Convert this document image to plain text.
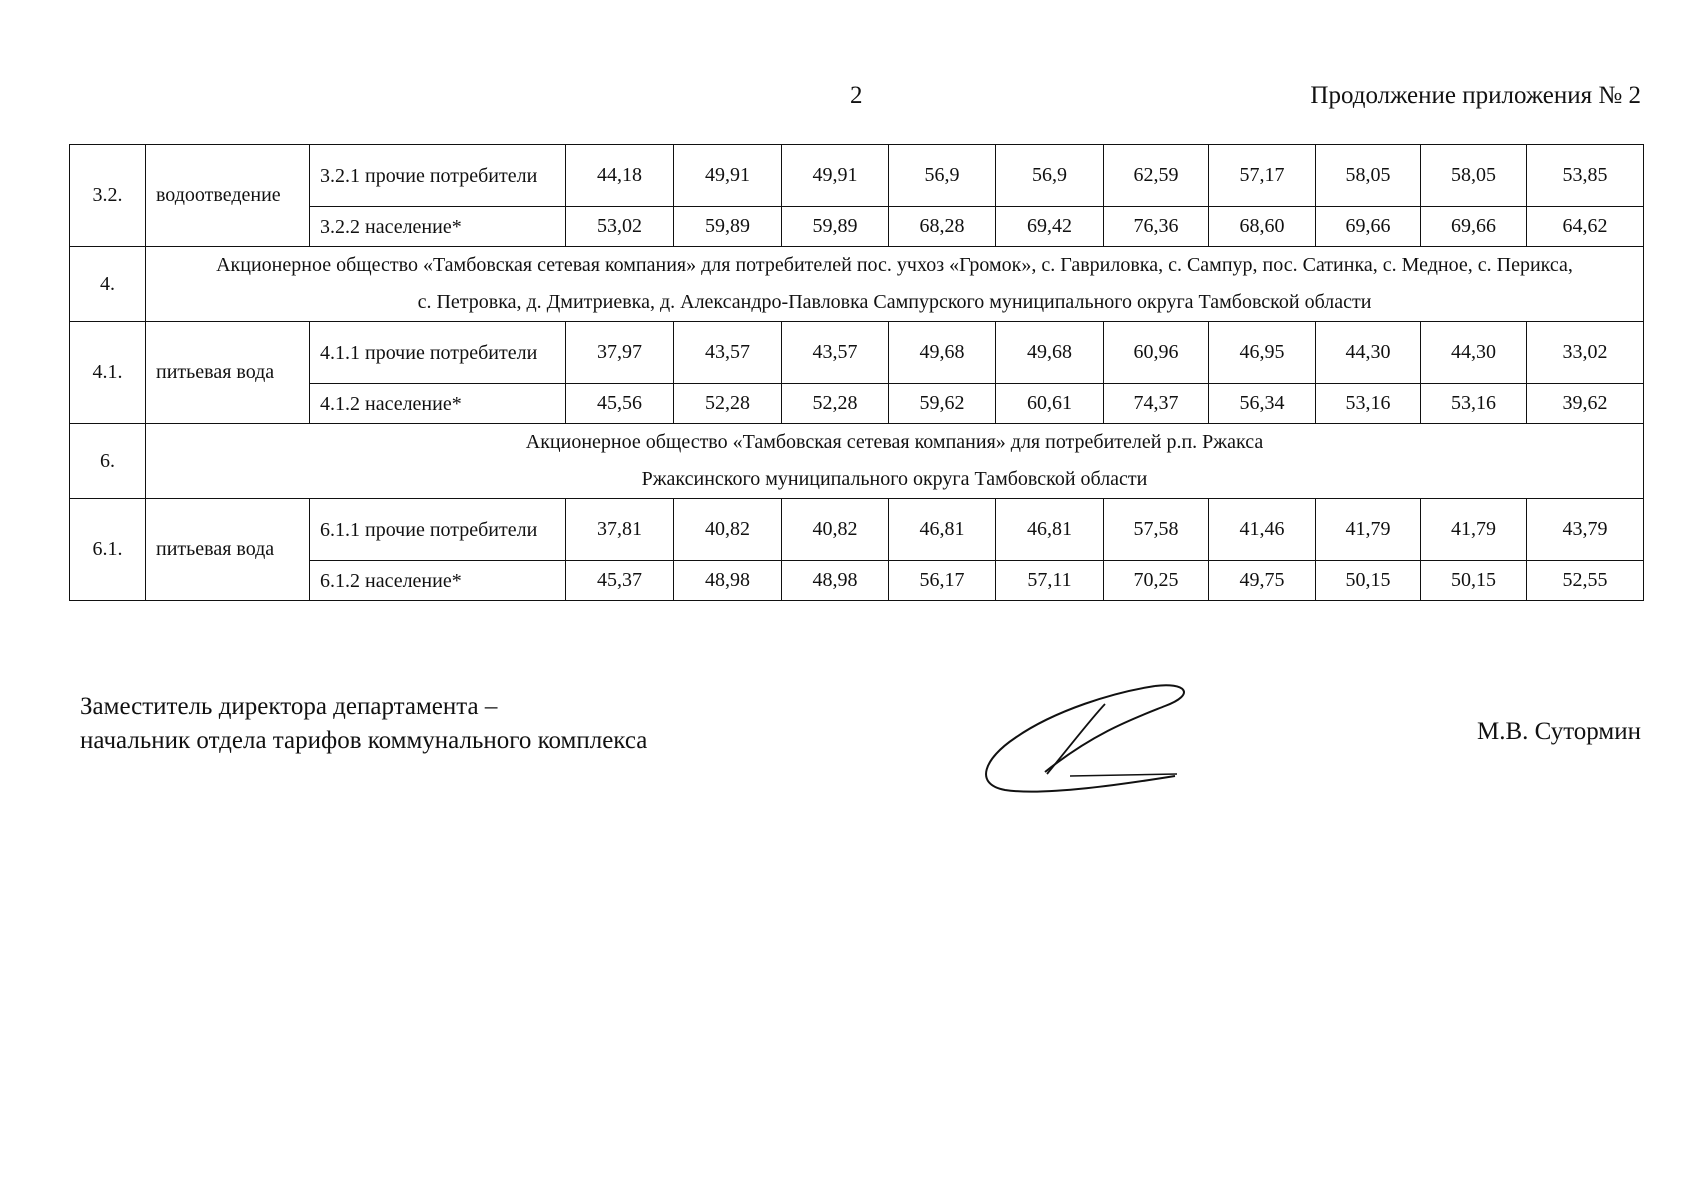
2	Продолжение приложения № 2
3.2.	водоотведение	3.2.1 прочие потребители	44,18	49,91	49,91	56,9	56,9	62,59	57,17	58,05	58,05	53,85
		3.2.2 население*	53,02	59,89	59,89	68,28	69,42	76,36	68,60	69,66	69,66	64,62
4.	Акционерное общество «Тамбовская сетевая компания» для потребителей пос. учхоз «Громок», с. Гавриловка, с. Сампур, пос. Сатинка, с. Медное, с. Перикса,
с. Петровка, д. Дмитриевка, д. Александро-Павловка Сампурского муниципального округа Тамбовской области											

4.1.	питьевая вода	4.1.1 прочие потребители	37,97	43,57	43,57	49,68	49,68	60,96	46,95	44,30	44,30	33,02
		4.1.2 население*	45,56	52,28	52,28	59,62	60,61	74,37	56,34	53,16	53,16	39,62
6.	Акционерное общество «Тамбовская сетевая компания» для потребителей р.п. Ржакса
Ржаксинского муниципального округа Тамбовской области											

6.1.	питьевая вода	6.1.1 прочие потребители	37,81	40,82	40,82	46,81	46,81	57,58	41,46	41,79	41,79	43,79
		6.1.2 население*	45,37	48,98	48,98	56,17	57,11	70,25	49,75	50,15	50,15	52,55
Заместитель директора департамента –
начальник отдела тарифов коммунального комплекса	М.В. Сутормин
